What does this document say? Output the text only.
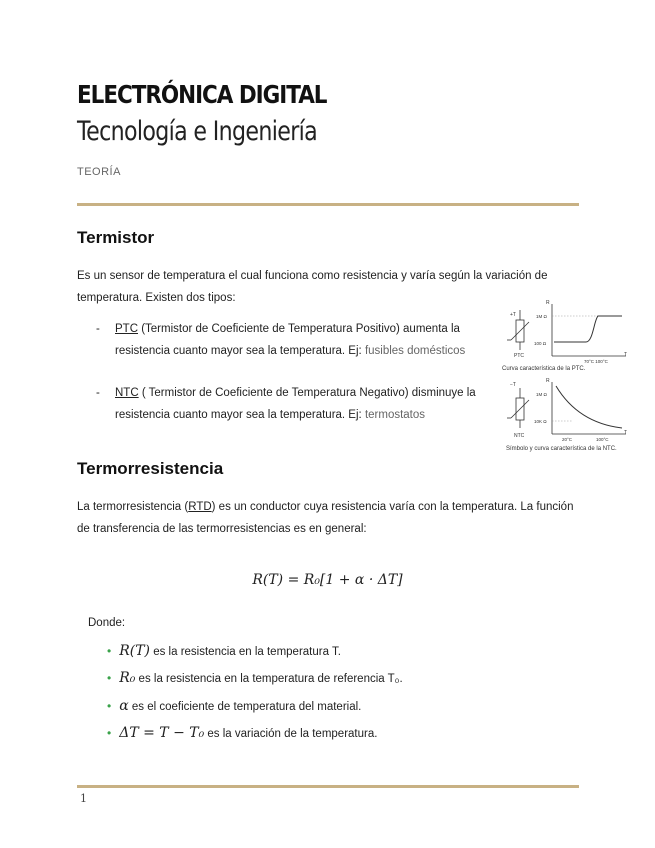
ELECTRÓNICA DIGITAL
Tecnología e Ingeniería
TEORÍA
Termistor
Es un sensor de temperatura el cual funciona como resistencia y varía según la variación de temperatura. Existen dos tipos:
- PTC (Termistor de Coeficiente de Temperatura Positivo) aumenta la resistencia cuanto mayor sea la temperatura. Ej: fusibles domésticos
- NTC ( Termistor de Coeficiente de Temperatura Negativo) disminuye la resistencia cuanto mayor sea la temperatura. Ej: termostatos
+T
PTC
R
T
1M Ω
100 Ω
70°C 100°C
Curva característica de la PTC.
−T
NTC
R
T
1M Ω
10K Ω
20°C	100°C
Símbolo y curva característica de la NTC.
Termorresistencia
La termorresistencia (RTD) es un conductor cuya resistencia varía con la temperatura. La función de transferencia de las termorresistencias es en general:
R(T) = R₀[1 + α · ΔT]
Donde:
• R(T) es la resistencia en la temperatura T.
• R₀ es la resistencia en la temperatura de referencia T₀.
• α es el coeficiente de temperatura del material.
• ΔT = T − T₀ es la variación de la temperatura.
1
